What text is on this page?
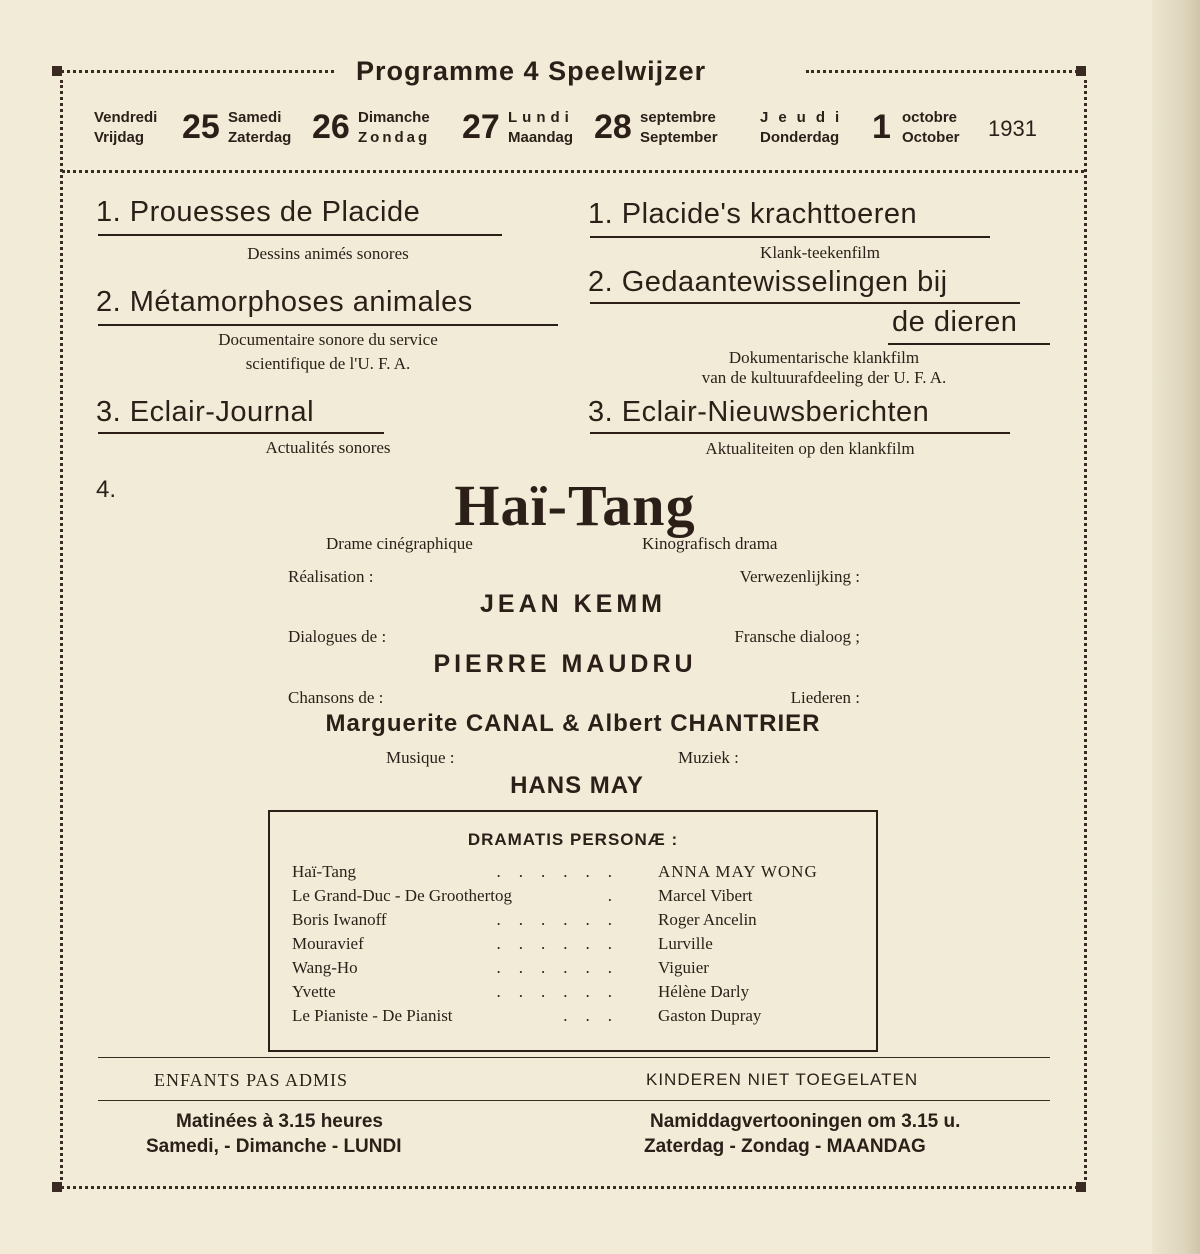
Programme 4 Speelwijzer
Vendredi
Vrijdag	25 Samedi
Zaterdag 26 Dimanche
Zondag 27 Lundi
Maandag 28 septembre
September
Jeudi
Donderdag 1 octobre
October 1931
1. Prouesses de Placide
Dessins animés sonores
2. Métamorphoses animales
Documentaire sonore du service
scientifique de l'U. F. A.
3. Eclair-Journal
Actualités sonores
1. Placide's krachttoeren
Klank-teekenfilm
2. Gedaantewisselingen bij
de dieren
Dokumentarische klankfilm
van de kultuurafdeeling der U. F. A.
3. Eclair-Nieuwsberichten
Aktualiteiten op den klankfilm
4.	Haï-Tang
Drame cinégraphique	Kinografisch drama
Réalisation :	Verwezenlijking :
JEAN KEMM
Dialogues de :	Fransche dialoog ;
PIERRE MAUDRU
Chansons de :	Liederen :
Marguerite CANAL & Albert CHANTRIER
Musique :	Muziek :
HANS MAY
DRAMATIS PERSONÆ :
Haï-Tang	...... ANNA MAY WONG
Le Grand-Duc - De Groothertog	. Marcel Vibert
Boris Iwanoff	...... Roger Ancelin
Mouravief	...... Lurville
Wang-Ho	...... Viguier
Yvette	...... Hélène Darly
Le Pianiste - De Pianist	... Gaston Dupray
ENFANTS PAS ADMIS	KINDEREN NIET TOEGELATEN
Matinées à 3.15 heures
Samedi, - Dimanche - LUNDI
Namiddagvertooningen om 3.15 u.
Zaterdag - Zondag - MAANDAG
